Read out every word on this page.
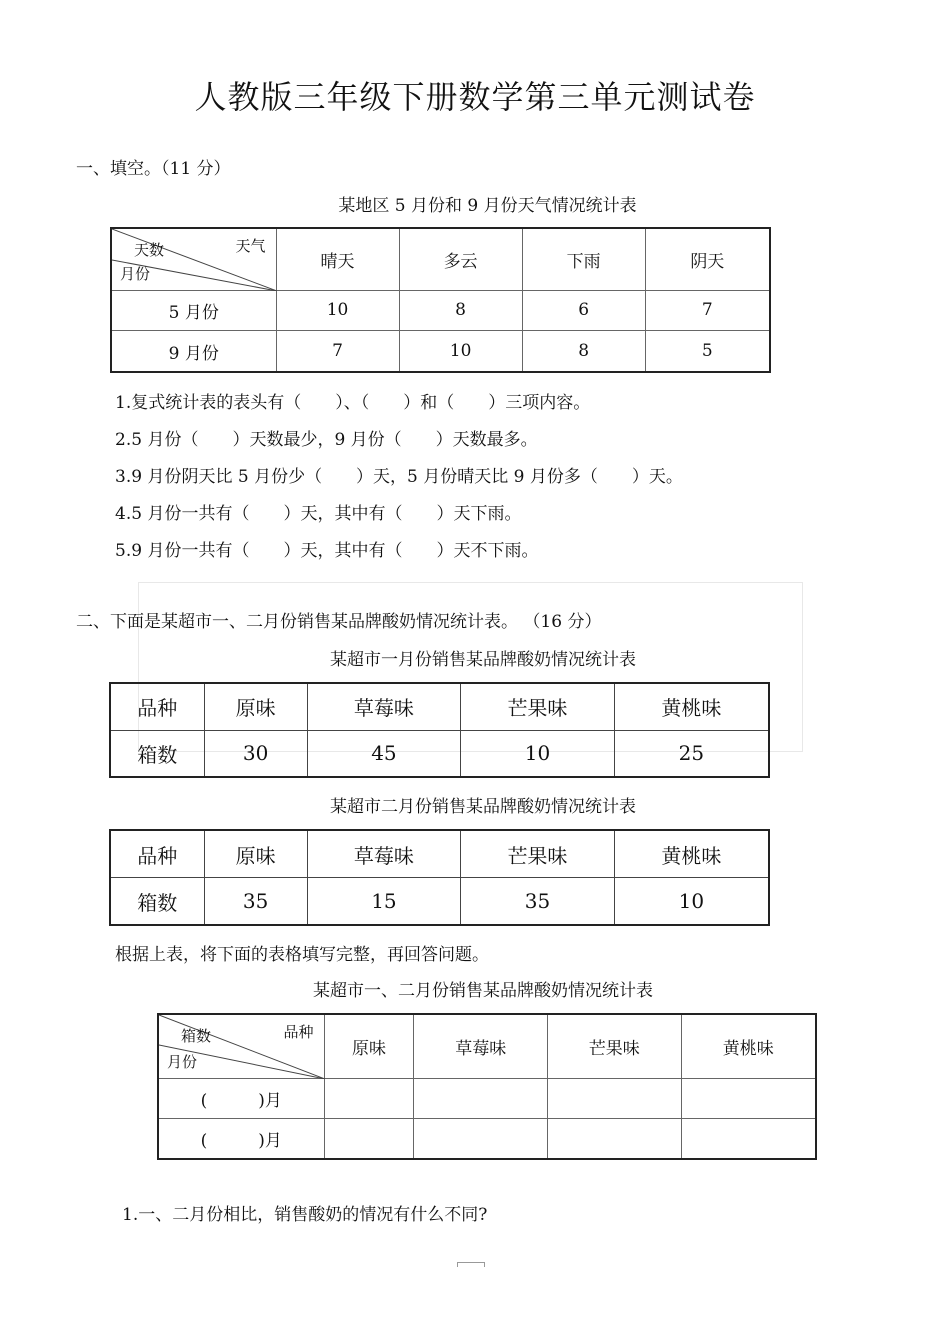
人教版三年级下册数学第三单元测试卷
一、填空。（11 分）
某地区 5 月份和 9 月份天气情况统计表
天气
天数
月份	晴天	多云	下雨	阴天
5 月份	10	8	6	7
9 月份	7	10	8	5
1.复式统计表的表头有（　　）、（　　）和（　　）三项内容。
2.5 月份（　　）天数最少，9 月份（　　）天数最多。
3.9 月份阴天比 5 月份少（　　）天，5 月份晴天比 9 月份多（　　）天。
4.5 月份一共有（　　）天，其中有（　　）天下雨。
5.9 月份一共有（　　）天，其中有（　　）天不下雨。
二、下面是某超市一、二月份销售某品牌酸奶情况统计表。 （16 分）
某超市一月份销售某品牌酸奶情况统计表
品种	原味	草莓味	芒果味	黄桃味
箱数	30	45	10	25
某超市二月份销售某品牌酸奶情况统计表
品种	原味	草莓味	芒果味	黄桃味
箱数	35	15	35	10
根据上表，将下面的表格填写完整，再回答问题。
某超市一、二月份销售某品牌酸奶情况统计表
品种
箱数
月份	原味	草莓味	芒果味	黄桃味
(　　　)月				
(　　　)月				
1.一、二月份相比，销售酸奶的情况有什么不同?
